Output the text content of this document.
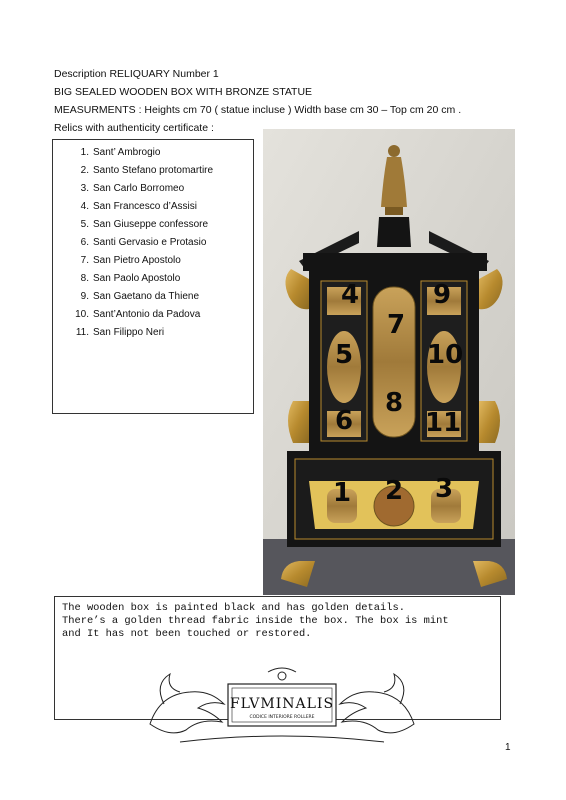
Description RELIQUARY Number 1
BIG SEALED WOODEN BOX WITH BRONZE STATUE
MEASURMENTS : Heights cm 70 ( statue incluse ) Width base cm 30 – Top cm 20 cm .
Relics with authenticity certificate :
1. Sant’ Ambrogio
2. Santo Stefano protomartire
3. San Carlo Borromeo
4. San Francesco d’Assisi
5. San Giuseppe confessore
6. Santi Gervasio e Protasio
7. San Pietro Apostolo
8. San Paolo Apostolo
9. San Gaetano da Thiene
10. Sant’Antonio da Padova
11. San Filippo Neri
1 2 3
4
5
6
7
8
9
10
11
The wooden box is painted black and has golden details.
There’s a golden thread fabric inside the box. The box is mint
and It has not been touched or restored.
FLVMINALIS
CODICE INTERIORE ROLLERE
1
